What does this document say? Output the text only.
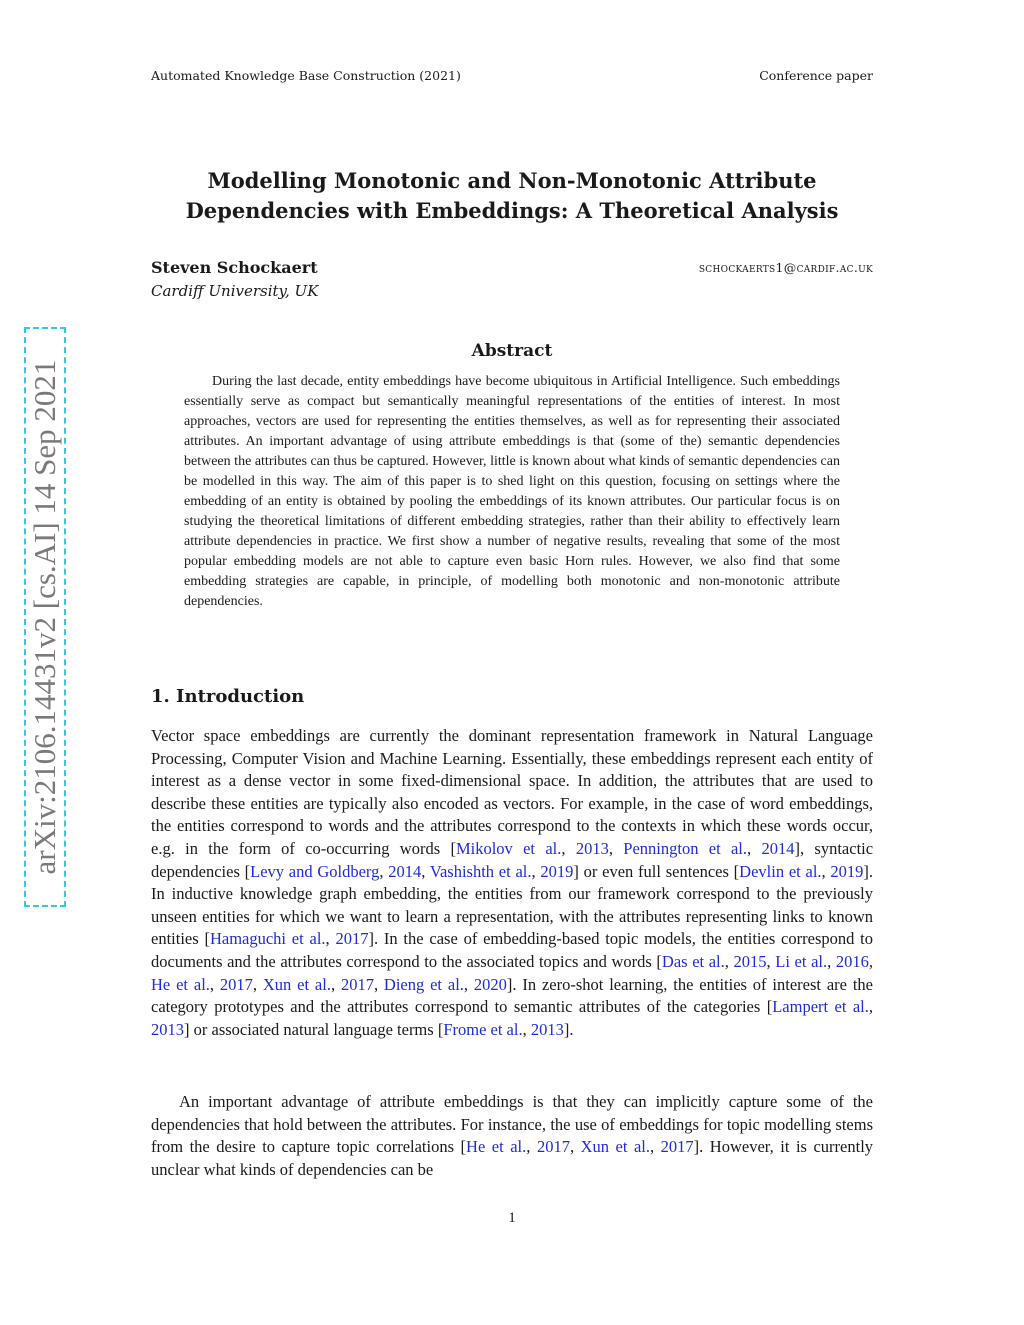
Automated Knowledge Base Construction (2021)	Conference paper
arXiv:2106.14431v2 [cs.AI] 14 Sep 2021
Modelling Monotonic and Non-Monotonic Attribute
Dependencies with Embeddings: A Theoretical Analysis
Steven Schockaert	schockaerts1@cardif.ac.uk
Cardiff University, UK
Abstract

During the last decade, entity embeddings have become ubiquitous in Artificial Intelligence. Such embeddings essentially serve as compact but semantically meaningful representations of the entities of interest. In most approaches, vectors are used for representing the entities themselves, as well as for representing their associated attributes. An important advantage of using attribute embeddings is that (some of the) semantic dependencies between the attributes can thus be captured. However, little is known about what kinds of semantic dependencies can be modelled in this way. The aim of this paper is to shed light on this question, focusing on settings where the embedding of an entity is obtained by pooling the embeddings of its known attributes. Our particular focus is on studying the theoretical limitations of different embedding strategies, rather than their ability to effectively learn attribute dependencies in practice. We first show a number of negative results, revealing that some of the most popular embedding models are not able to capture even basic Horn rules. However, we also find that some embedding strategies are capable, in principle, of modelling both monotonic and non-monotonic attribute dependencies.

1. Introduction

Vector space embeddings are currently the dominant representation framework in Natural Language Processing, Computer Vision and Machine Learning. Essentially, these embeddings represent each entity of interest as a dense vector in some fixed-dimensional space. In addition, the attributes that are used to describe these entities are typically also encoded as vectors. For example, in the case of word embeddings, the entities correspond to words and the attributes correspond to the contexts in which these words occur, e.g. in the form of co-occurring words [Mikolov et al., 2013, Pennington et al., 2014], syntactic dependencies [Levy and Goldberg, 2014, Vashishth et al., 2019] or even full sentences [Devlin et al., 2019]. In inductive knowledge graph embedding, the entities from our framework correspond to the previously unseen entities for which we want to learn a representation, with the attributes representing links to known entities [Hamaguchi et al., 2017]. In the case of embedding-based topic models, the entities correspond to documents and the attributes correspond to the associated topics and words [Das et al., 2015, Li et al., 2016, He et al., 2017, Xun et al., 2017, Dieng et al., 2020]. In zero-shot learning, the entities of interest are the category prototypes and the attributes correspond to semantic attributes of the categories [Lampert et al., 2013] or associated natural language terms [Frome et al., 2013].

An important advantage of attribute embeddings is that they can implicitly capture some of the dependencies that hold between the attributes. For instance, the use of embeddings for topic modelling stems from the desire to capture topic correlations [He et al., 2017, Xun et al., 2017]. However, it is currently unclear what kinds of dependencies can be

1
